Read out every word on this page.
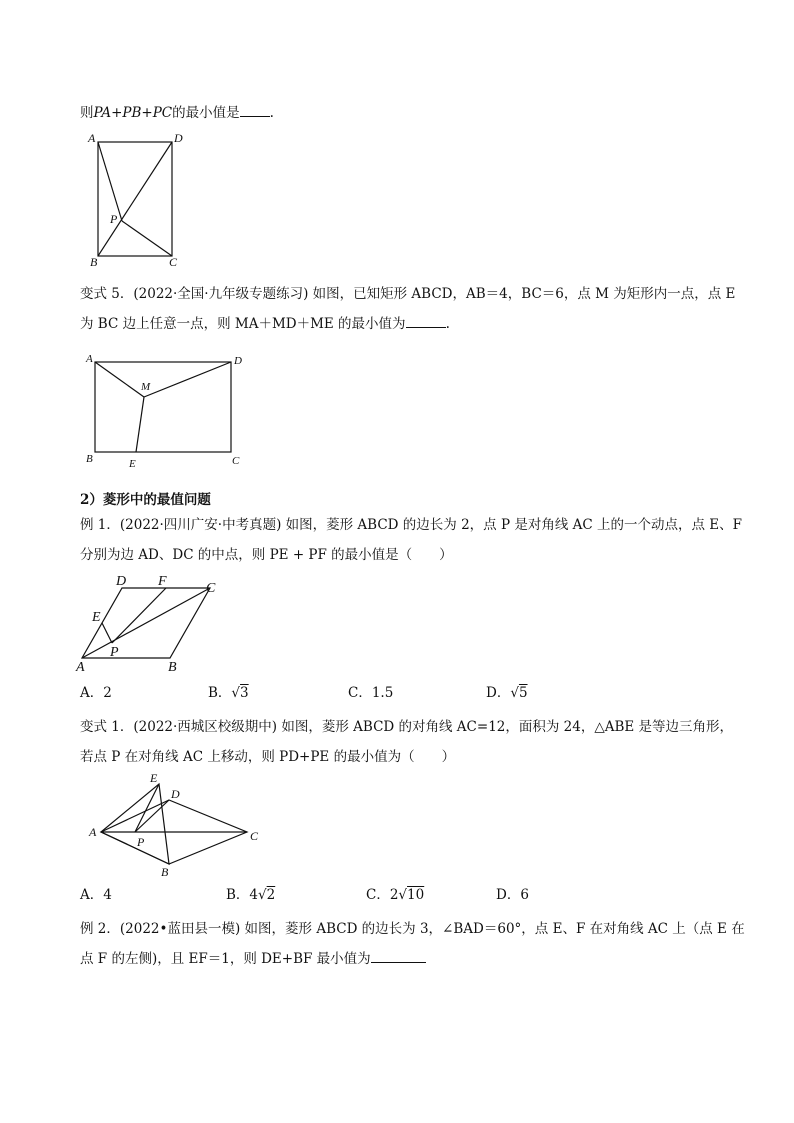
则PA+PB+PC的最小值是 .
A	D
P
B	C
变式 5．(2022·全国·九年级专题练习) 如图，已知矩形 ABCD，AB＝4，BC＝6，点 M 为矩形内一点，点 E
为 BC 边上任意一点，则 MA＋MD＋ME 的最小值为	.
A	D
M
B	E	C
2）菱形中的最值问题
例 1．(2022·四川广安·中考真题) 如图，菱形 ABCD 的边长为 2，点 P 是对角线 AC 上的一个动点，点 E、F
分别为边 AD、DC 的中点，则 PE + PF 的最小值是（　　）
D F	C
E
P
A	B
A．2	B．√3	C．1.5	D．√5
变式 1．(2022·西城区校级期中) 如图，菱形 ABCD 的对角线 AC=12，面积为 24，△ABE 是等边三角形，
若点 P 在对角线 AC 上移动，则 PD+PE 的最小值为（　　）
E
D
A
P	C
B
A．4	B．4√2	C．2√10	D．6
例 2．(2022•蓝田县一模) 如图，菱形 ABCD 的边长为 3，∠BAD＝60°，点 E、F 在对角线 AC 上（点 E 在
点 F 的左侧)，且 EF＝1，则 DE+BF 最小值为
